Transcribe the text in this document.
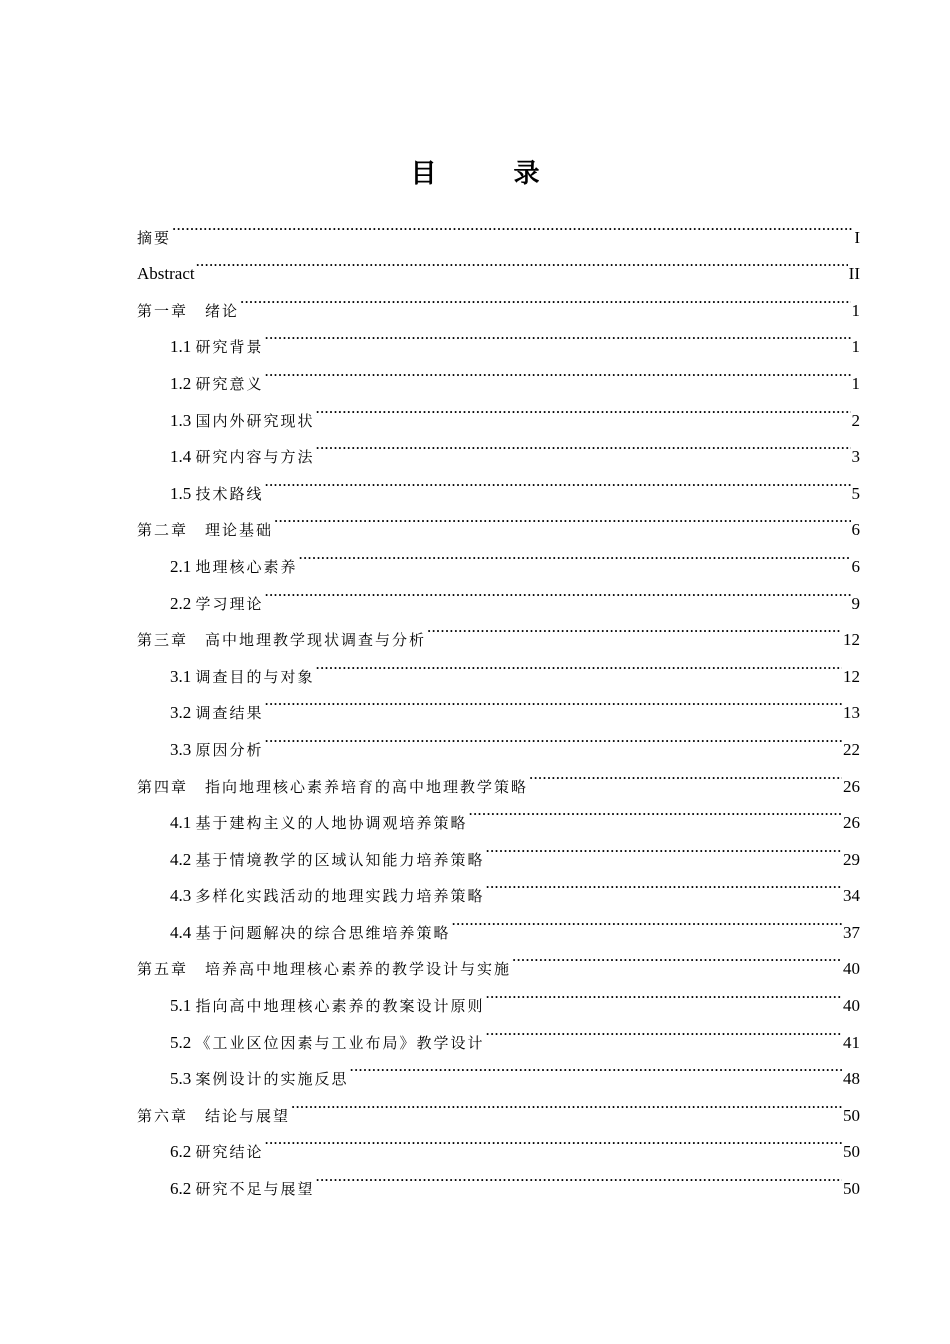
目 录
摘要 .....	I
Abstract .....	II
第一章　绪论 .....	1
1.1 研究背景 .....	1
1.2 研究意义 .....	1
1.3 国内外研究现状 .....	2
1.4 研究内容与方法 .....	3
1.5 技术路线 .....	5
第二章　理论基础 .....	6
2.1 地理核心素养 .....	6
2.2 学习理论 .....	9
第三章　高中地理教学现状调查与分析 .....	12
3.1 调查目的与对象 .....	12
3.2 调查结果 .....	13
3.3 原因分析 .....	22
第四章　指向地理核心素养培育的高中地理教学策略 .....	26
4.1 基于建构主义的人地协调观培养策略 .....	26
4.2 基于情境教学的区域认知能力培养策略 .....	29
4.3 多样化实践活动的地理实践力培养策略 .....	34
4.4 基于问题解决的综合思维培养策略 .....	37
第五章　培养高中地理核心素养的教学设计与实施 .....	40
5.1 指向高中地理核心素养的教案设计原则 .....	40
5.2 《工业区位因素与工业布局》教学设计 .....	41
5.3 案例设计的实施反思 .....	48
第六章　结论与展望 .....	50
6.2 研究结论 .....	50
6.2 研究不足与展望 .....	50
